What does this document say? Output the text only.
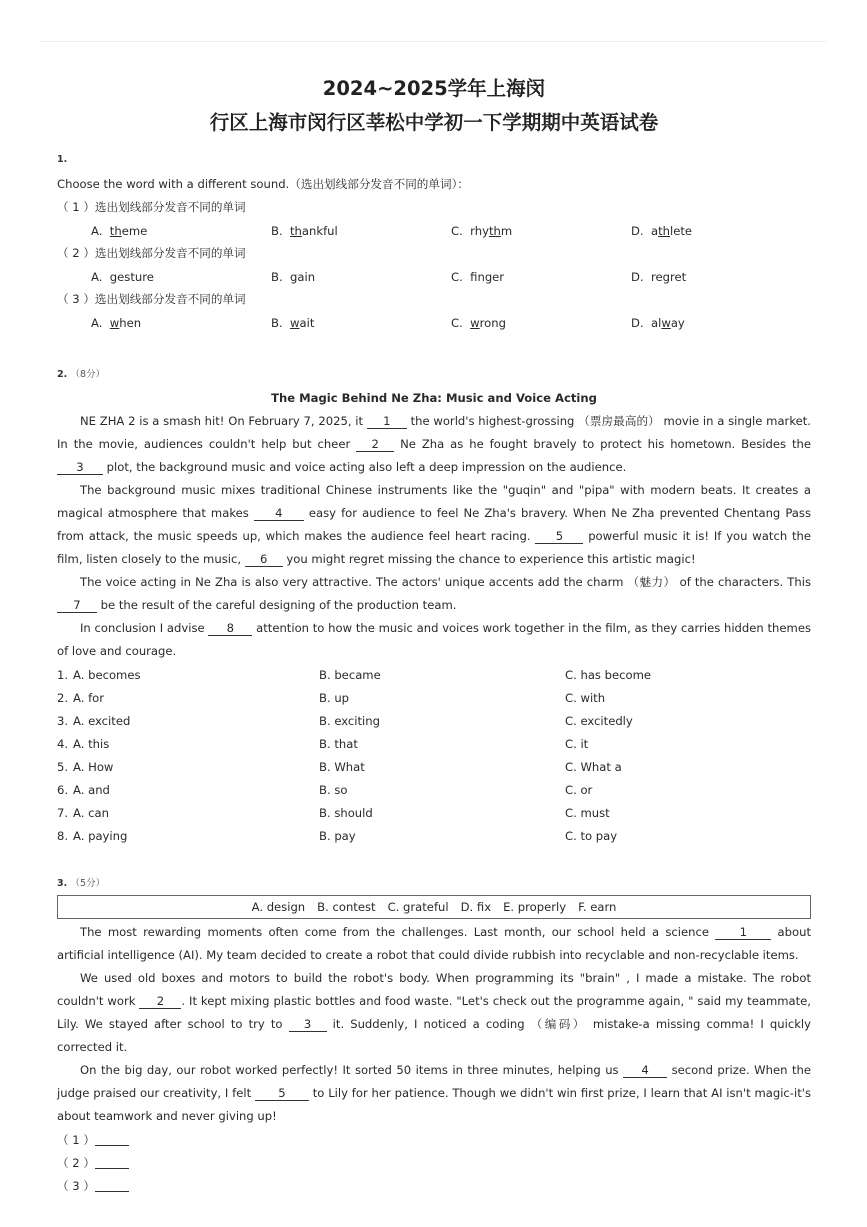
2024~2025学年上海闵
行区上海市闵行区莘松中学初一下学期期中英语试卷
1.
Choose the word with a different sound.（选出划线部分发音不同的单词）：
（ 1 ）选出划线部分发音不同的单词
A. theme	B. thankful	C. rhythm	D. athlete
（ 2 ）选出划线部分发音不同的单词
A. gesture	B. gain	C. finger	D. regret
（ 3 ）选出划线部分发音不同的单词
A. when	B. wait	C. wrong	D. alway
2. （8分）
The Magic Behind Ne Zha: Music and Voice Acting

NE ZHA 2 is a smash hit! On February 7, 2025, it 1 the world's highest-grossing （票房最高的） movie in a single market. In the movie, audiences couldn't help but cheer 2 Ne Zha as he fought bravely to protect his hometown. Besides the 3 plot, the background music and voice acting also left a deep impression on the audience.

The background music mixes traditional Chinese instruments like the "guqin" and "pipa" with modern beats. It creates a magical atmosphere that makes 4 easy for audience to feel Ne Zha's bravery. When Ne Zha prevented Chentang Pass from attack, the music speeds up, which makes the audience feel heart racing. 5 powerful music it is! If you watch the film, listen closely to the music, 6 you might regret missing the chance to experience this artistic magic!

The voice acting in Ne Zha is also very attractive. The actors' unique accents add the charm （魅力） of the characters. This 7 be the result of the careful designing of the production team.

In conclusion I advise 8 attention to how the music and voices work together in the film, as they carries hidden themes of love and courage.

1. A. becomes	B. became	C. has become
2. A. for	B. up	C. with
3. A. excited	B. exciting	C. excitedly
4. A. this	B. that	C. it
5. A. How	B. What	C. What a
6. A. and	B. so	C. or
7. A. can	B. should	C. must
8. A. paying	B. pay	C. to pay
3. （5分）
A. design B. contest C. grateful D. fix E. properly F. earn

The most rewarding moments often come from the challenges. Last month, our school held a science 1 about artificial intelligence (AI). My team decided to create a robot that could divide rubbish into recyclable and non-recyclable items.

We used old boxes and motors to build the robot's body. When programming its "brain" , I made a mistake. The robot couldn't work 2 . It kept mixing plastic bottles and food waste. "Let's check out the programme again, " said my teammate, Lily. We stayed after school to try to 3 it. Suddenly, I noticed a coding （编码） mistake-a missing comma! I quickly corrected it.

On the big day, our robot worked perfectly! It sorted 50 items in three minutes, helping us 4 second prize. When the judge praised our creativity, I felt 5 to Lily for her patience. Though we didn't win first prize, I learn that AI isn't magic-it's about teamwork and never giving up!

（ 1 ）
（ 2 ）
（ 3 ）
